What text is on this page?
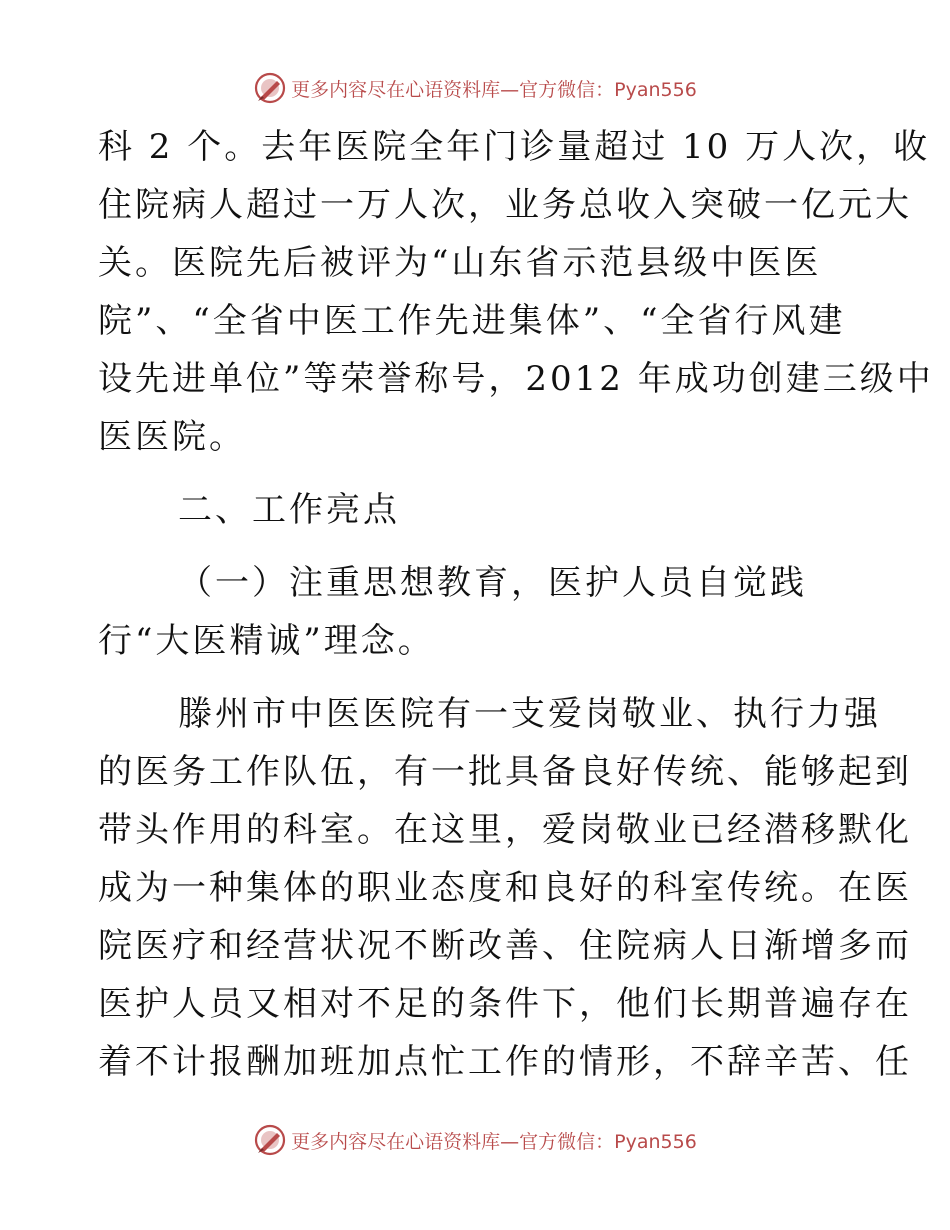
更多内容尽在心语资料库—官方微信：Pyan556
科 2 个。去年医院全年门诊量超过 10 万人次，收
住院病人超过一万人次，业务总收入突破一亿元大
关。医院先后被评为“山东省示范县级中医医
院”、“全省中医工作先进集体”、“全省行风建
设先进单位”等荣誉称号，2012 年成功创建三级中
医医院。
二、工作亮点
（一）注重思想教育，医护人员自觉践
行“大医精诚”理念。
滕州市中医医院有一支爱岗敬业、执行力强
的医务工作队伍，有一批具备良好传统、能够起到
带头作用的科室。在这里，爱岗敬业已经潜移默化
成为一种集体的职业态度和良好的科室传统。在医
院医疗和经营状况不断改善、住院病人日渐增多而
医护人员又相对不足的条件下，他们长期普遍存在
着不计报酬加班加点忙工作的情形，不辞辛苦、任
更多内容尽在心语资料库—官方微信：Pyan556
